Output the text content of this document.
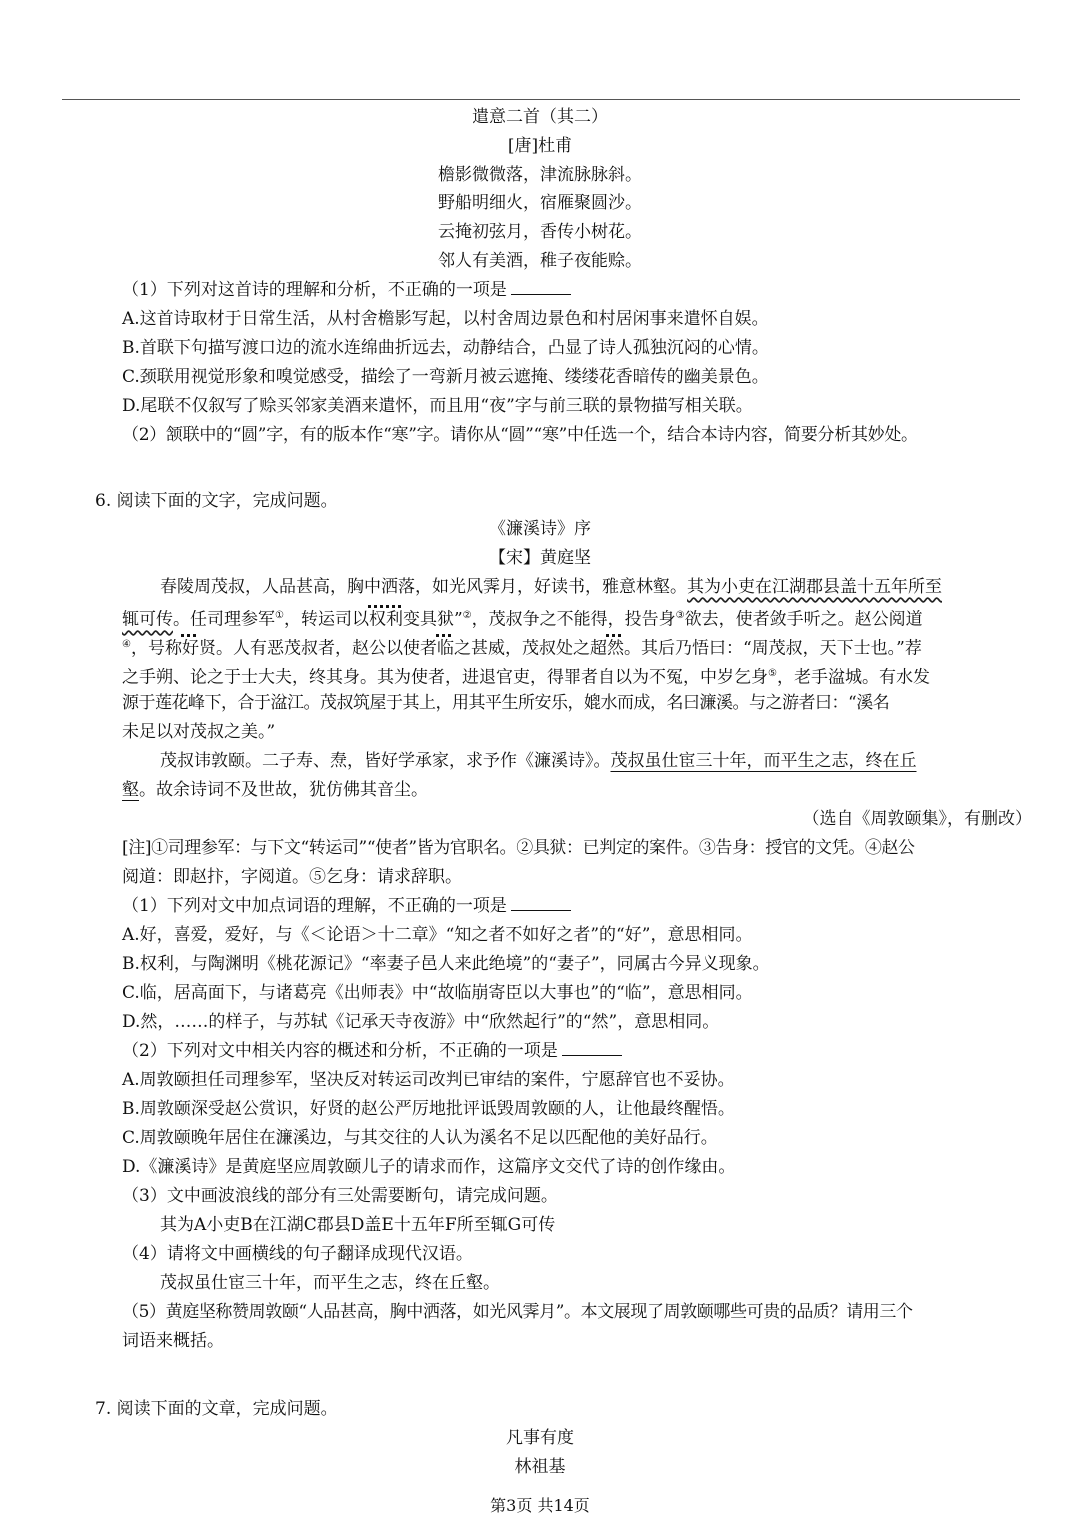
遣意二首（其二）
[唐]杜甫
檐影微微落，津流脉脉斜。
野船明细火，宿雁聚圆沙。
云掩初弦月，香传小树花。
邻人有美酒，稚子夜能赊。
（1）下列对这首诗的理解和分析，不正确的一项是
A.这首诗取材于日常生活，从村舍檐影写起，以村舍周边景色和村居闲事来遣怀自娱。
B.首联下句描写渡口边的流水连绵曲折远去，动静结合，凸显了诗人孤独沉闷的心情。
C.颈联用视觉形象和嗅觉感受，描绘了一弯新月被云遮掩、缕缕花香暗传的幽美景色。
D.尾联不仅叙写了赊买邻家美酒来遣怀，而且用“夜”字与前三联的景物描写相关联。
（2）颔联中的“圆”字，有的版本作“寒”字。请你从“圆”“寒”中任选一个，结合本诗内容，简要分析其妙处。
6. 阅读下面的文字，完成问题。
《濂溪诗》序
【宋】黄庭坚
春陵周茂叔，人品甚高，胸中洒落，如光风霁月，好读书，雅意林壑。其为小吏在江湖郡县盖十五年所至
辄可传。任司理参军①，转运司以权利变具狱”②，茂叔争之不能得，投告身③欲去，使者敛手听之。赵公阅道
④，号称好贤。人有恶茂叔者，赵公以使者临之甚威，茂叔处之超然。其后乃悟曰：“周茂叔，天下士也。”荐
之手朔、论之于士大夫，终其身。其为使者，进退官吏，得罪者自以为不冤，中岁乞身⑤，老手湓城。有水发
源于莲花峰下，合于湓江。茂叔筑屋于其上，用其平生所安乐，媲水而成，名曰濂溪。与之游者曰：“溪名
未足以对茂叔之美。”
茂叔讳敦颐。二子寿、焘，皆好学承家，求予作《濂溪诗》。茂叔虽仕宦三十年，而平生之志，终在丘
壑。故余诗词不及世故，犹仿佛其音尘。
（选自《周敦颐集》，有删改）
[注]①司理参军：与下文“转运司”“使者”皆为官职名。②具狱：已判定的案件。③告身：授官的文凭。④赵公
阅道：即赵抃，字阅道。⑤乞身：请求辞职。
（1）下列对文中加点词语的理解，不正确的一项是
A.好，喜爱，爱好，与《＜论语＞十二章》“知之者不如好之者”的“好”，意思相同。
B.权利，与陶渊明《桃花源记》“率妻子邑人来此绝境”的“妻子”，同属古今异义现象。
C.临，居高面下，与诸葛亮《出师表》中“故临崩寄臣以大事也”的“临”，意思相同。
D.然，……的样子，与苏轼《记承天寺夜游》中“欣然起行”的“然”，意思相同。
（2）下列对文中相关内容的概述和分析，不正确的一项是
A.周敦颐担任司理参军，坚决反对转运司改判已审结的案件，宁愿辞官也不妥协。
B.周敦颐深受赵公赏识，好贤的赵公严厉地批评诋毁周敦颐的人，让他最终醒悟。
C.周敦颐晚年居住在濂溪边，与其交往的人认为溪名不足以匹配他的美好品行。
D.《濂溪诗》是黄庭坚应周敦颐儿子的请求而作，这篇序文交代了诗的创作缘由。
（3）文中画波浪线的部分有三处需要断句，请完成问题。
其为A小吏B在江湖C郡县D盖E十五年F所至辄G可传
（4）请将文中画横线的句子翻译成现代汉语。
茂叔虽仕宦三十年，而平生之志，终在丘壑。
（5）黄庭坚称赞周敦颐“人品甚高，胸中洒落，如光风霁月”。本文展现了周敦颐哪些可贵的品质？请用三个
词语来概括。
7. 阅读下面的文章，完成问题。
凡事有度
林祖基
第3页 共14页
